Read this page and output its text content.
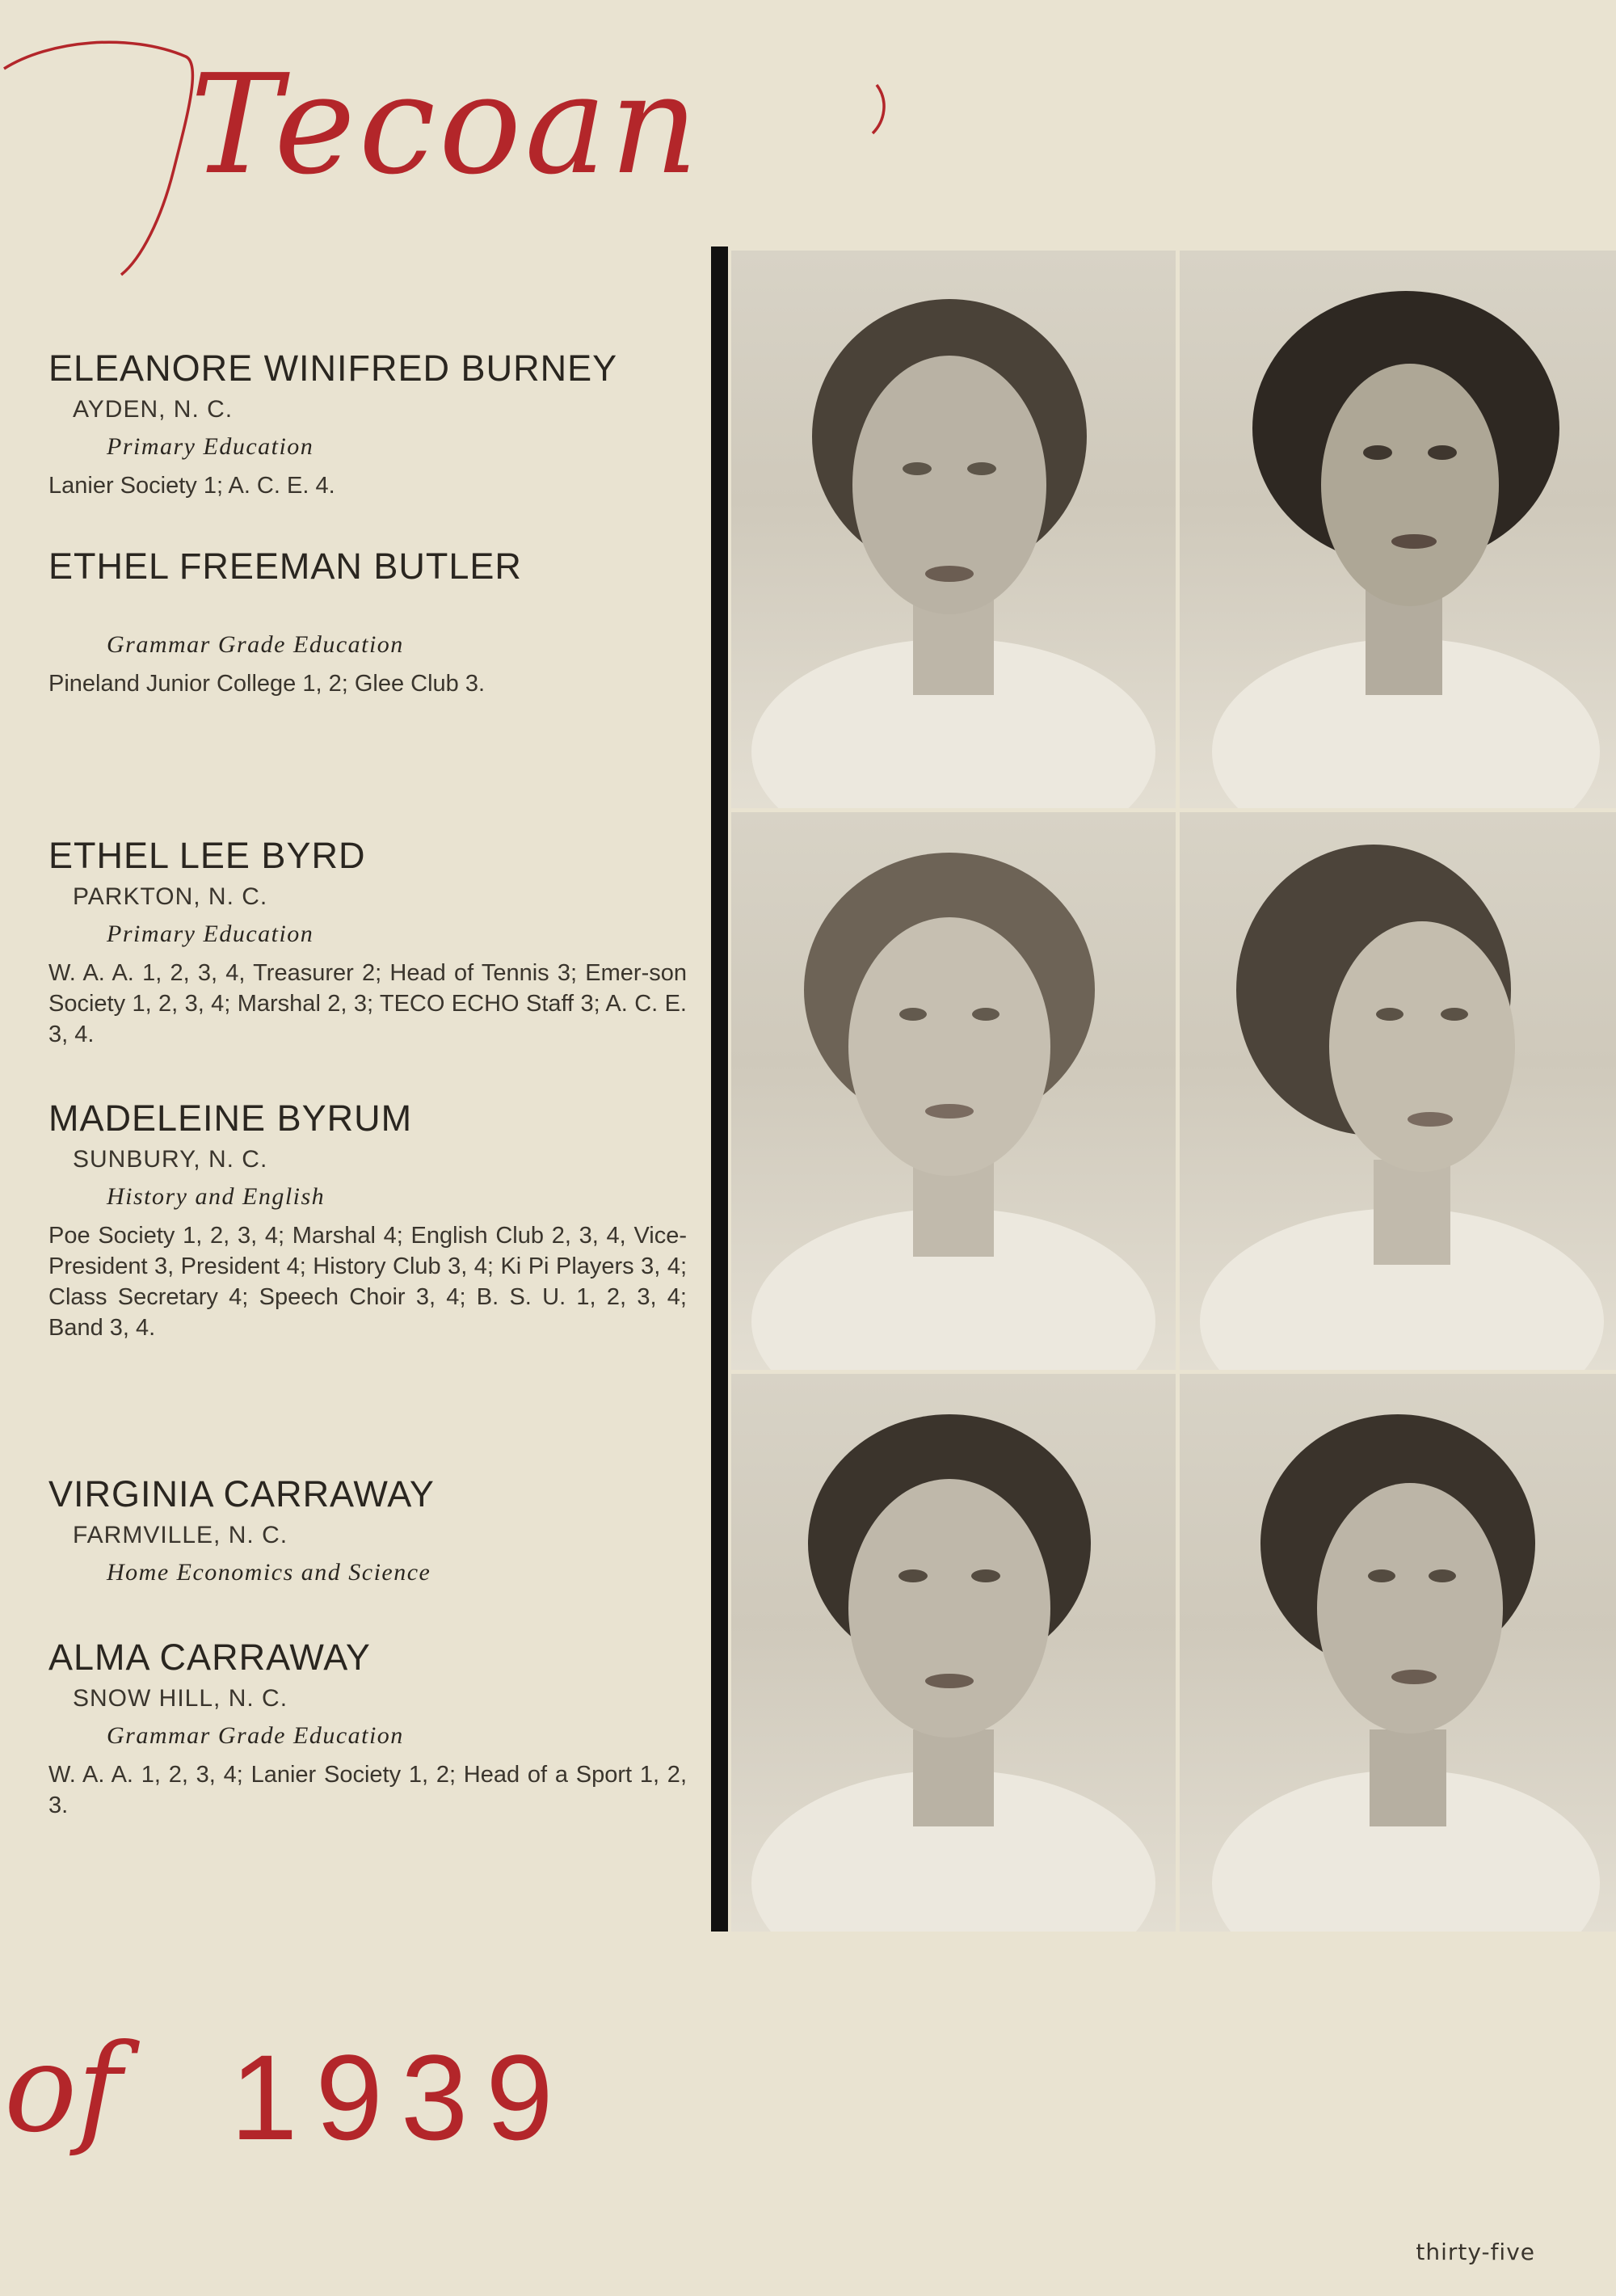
Tecoan
ELEANORE WINIFRED BURNEY
AYDEN, N. C.
Primary Education
Lanier Society 1; A. C. E. 4.
ETHEL FREEMAN BUTLER
Grammar Grade Education
Pineland Junior College 1, 2; Glee Club 3.
ETHEL LEE BYRD
PARKTON, N. C.
Primary Education
W. A. A. 1, 2, 3, 4, Treasurer 2; Head of Tennis 3; Emer-son Society 1, 2, 3, 4; Marshal 2, 3; TECO ECHO Staff 3; A. C. E. 3, 4.
MADELEINE BYRUM
SUNBURY, N. C.
History and English
Poe Society 1, 2, 3, 4; Marshal 4; English Club 2, 3, 4, Vice-President 3, President 4; History Club 3, 4; Ki Pi Players 3, 4; Class Secretary 4; Speech Choir 3, 4; B. S. U. 1, 2, 3, 4; Band 3, 4.
VIRGINIA CARRAWAY
FARMVILLE, N. C.
Home Economics and Science
ALMA CARRAWAY
SNOW HILL, N. C.
Grammar Grade Education
W. A. A. 1, 2, 3, 4; Lanier Society 1, 2; Head of a Sport 1, 2, 3.
of 1939
thirty-five
